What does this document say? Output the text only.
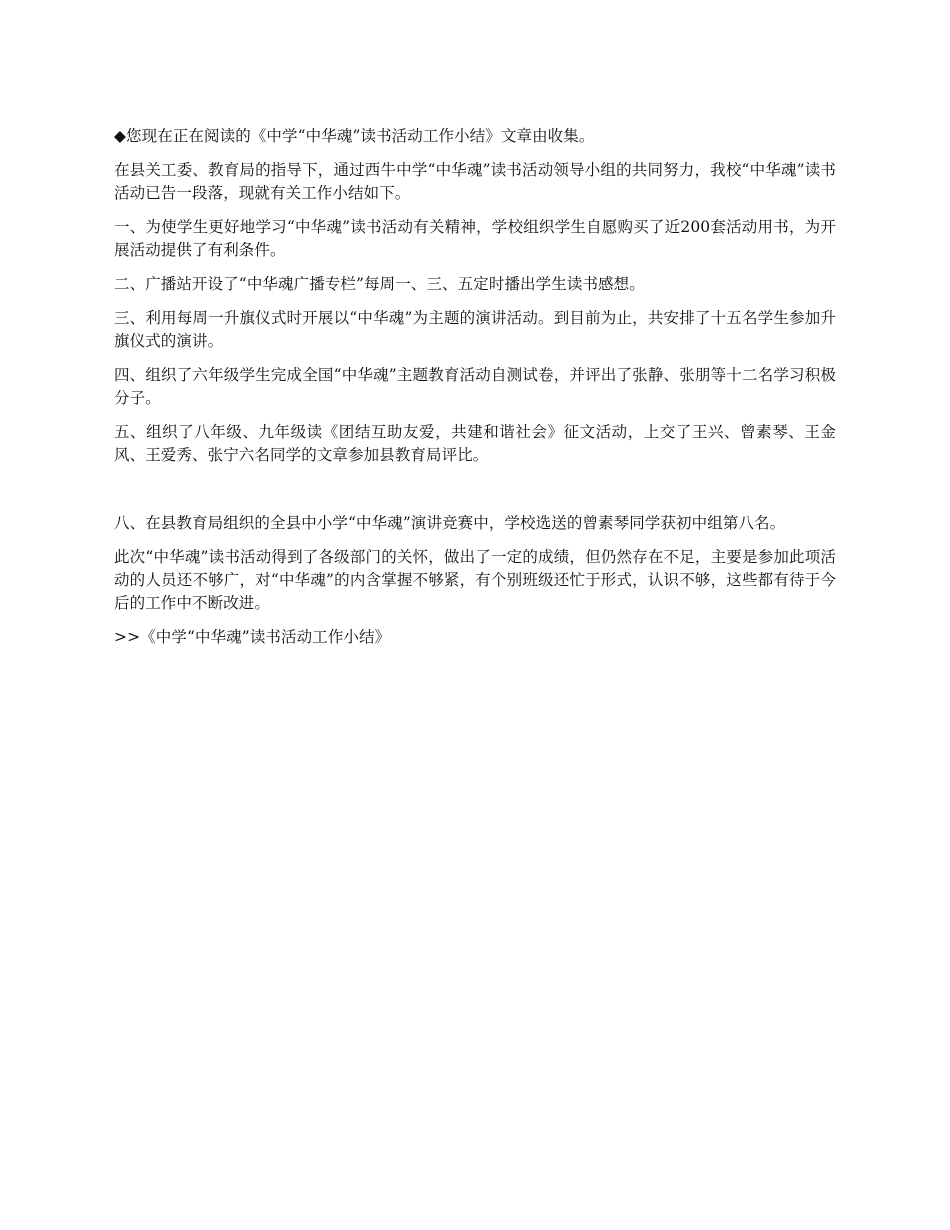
◆您现在正在阅读的《中学“中华魂”读书活动工作小结》文章由收集。

在县关工委、教育局的指导下，通过西牛中学“中华魂”读书活动领导小组的共同努力，我校“中华魂”读书活动已告一段落，现就有关工作小结如下。

一、为使学生更好地学习“中华魂”读书活动有关精神，学校组织学生自愿购买了近200套活动用书，为开展活动提供了有利条件。

二、广播站开设了“中华魂广播专栏”每周一、三、五定时播出学生读书感想。

三、利用每周一升旗仪式时开展以“中华魂”为主题的演讲活动。到目前为止，共安排了十五名学生参加升旗仪式的演讲。

四、组织了六年级学生完成全国“中华魂”主题教育活动自测试卷，并评出了张静、张朋等十二名学习积极分子。

五、组织了八年级、九年级读《团结互助友爱，共建和谐社会》征文活动，上交了王兴、曾素琴、王金风、王爱秀、张宁六名同学的文章参加县教育局评比。

八、在县教育局组织的全县中小学“中华魂”演讲竞赛中，学校选送的曾素琴同学获初中组第八名。

此次“中华魂”读书活动得到了各级部门的关怀，做出了一定的成绩，但仍然存在不足，主要是参加此项活动的人员还不够广，对“中华魂”的内含掌握不够紧，有个别班级还忙于形式，认识不够，这些都有待于今后的工作中不断改进。

>>《中学“中华魂”读书活动工作小结》
